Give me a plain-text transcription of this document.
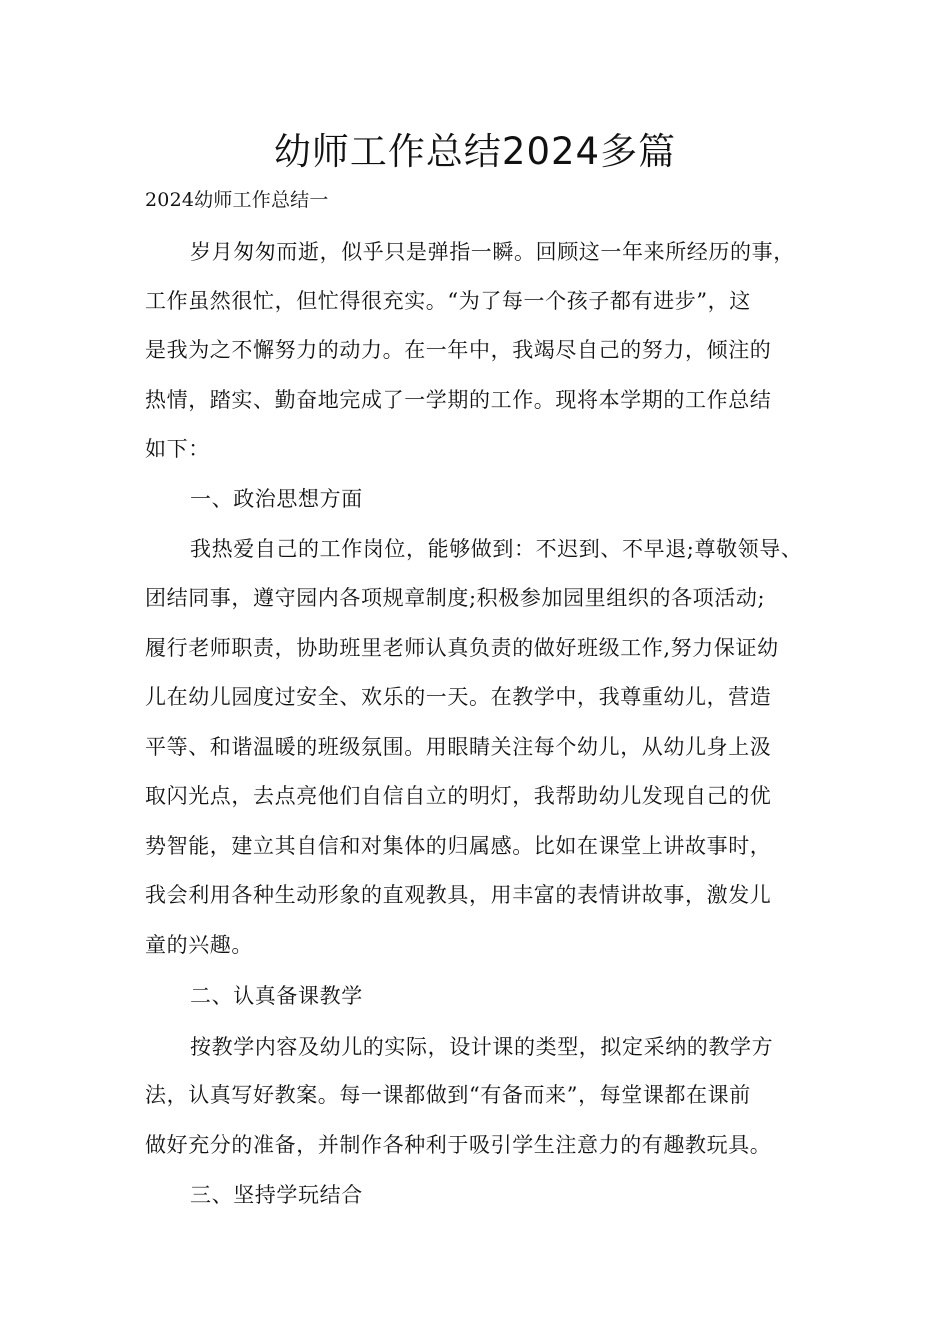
幼师工作总结2024多篇
2024幼师工作总结一
岁月匆匆而逝，似乎只是弹指一瞬。回顾这一年来所经历的事，
工作虽然很忙，但忙得很充实。“为了每一个孩子都有进步”，这
是我为之不懈努力的动力。在一年中，我竭尽自己的努力，倾注的
热情，踏实、勤奋地完成了一学期的工作。现将本学期的工作总结
如下：
一、政治思想方面
我热爱自己的工作岗位，能够做到：不迟到、不早退;尊敬领导、
团结同事，遵守园内各项规章制度;积极参加园里组织的各项活动;
履行老师职责，协助班里老师认真负责的做好班级工作,努力保证幼
儿在幼儿园度过安全、欢乐的一天。在教学中，我尊重幼儿，营造
平等、和谐温暖的班级氛围。用眼睛关注每个幼儿，从幼儿身上汲
取闪光点，去点亮他们自信自立的明灯，我帮助幼儿发现自己的优
势智能，建立其自信和对集体的归属感。比如在课堂上讲故事时，
我会利用各种生动形象的直观教具，用丰富的表情讲故事，激发儿
童的兴趣。
二、认真备课教学
按教学内容及幼儿的实际，设计课的类型，拟定采纳的教学方
法，认真写好教案。每一课都做到“有备而来”，每堂课都在课前
做好充分的准备，并制作各种利于吸引学生注意力的有趣教玩具。
三、坚持学玩结合
